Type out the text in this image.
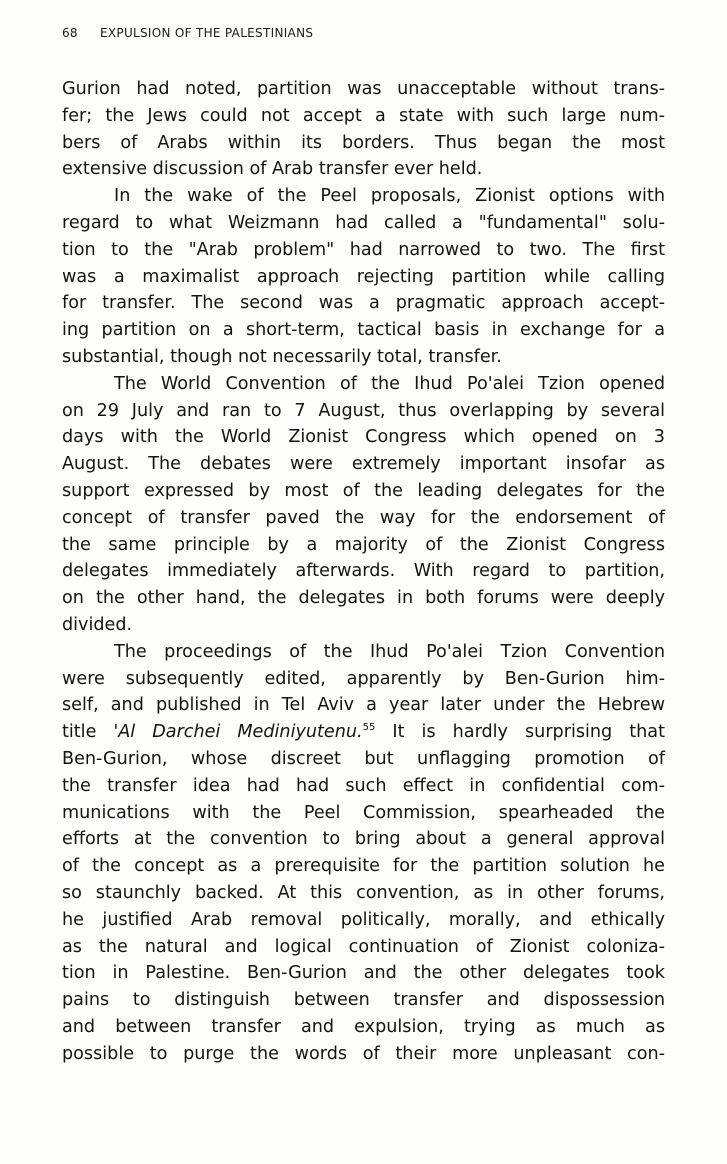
68 EXPULSION OF THE PALESTINIANS
Gurion had noted, partition was unacceptable without trans-
fer; the Jews could not accept a state with such large num-
bers of Arabs within its borders. Thus began the most
extensive discussion of Arab transfer ever held.
In the wake of the Peel proposals, Zionist options with
regard to what Weizmann had called a "fundamental" solu-
tion to the "Arab problem" had narrowed to two. The first
was a maximalist approach rejecting partition while calling
for transfer. The second was a pragmatic approach accept-
ing partition on a short-term, tactical basis in exchange for a
substantial, though not necessarily total, transfer.
The World Convention of the Ihud Po'alei Tzion opened
on 29 July and ran to 7 August, thus overlapping by several
days with the World Zionist Congress which opened on 3
August. The debates were extremely important insofar as
support expressed by most of the leading delegates for the
concept of transfer paved the way for the endorsement of
the same principle by a majority of the Zionist Congress
delegates immediately afterwards. With regard to partition,
on the other hand, the delegates in both forums were deeply
divided.
The proceedings of the Ihud Po'alei Tzion Convention
were subsequently edited, apparently by Ben-Gurion him-
self, and published in Tel Aviv a year later under the Hebrew
title 'Al Darchei Mediniyutenu.$^{55}$ It is hardly surprising that
Ben-Gurion, whose discreet but unflagging promotion of
the transfer idea had had such effect in confidential com-
munications with the Peel Commission, spearheaded the
efforts at the convention to bring about a general approval
of the concept as a prerequisite for the partition solution he
so staunchly backed. At this convention, as in other forums,
he justified Arab removal politically, morally, and ethically
as the natural and logical continuation of Zionist coloniza-
tion in Palestine. Ben-Gurion and the other delegates took
pains to distinguish between transfer and dispossession
and between transfer and expulsion, trying as much as
possible to purge the words of their more unpleasant con-
